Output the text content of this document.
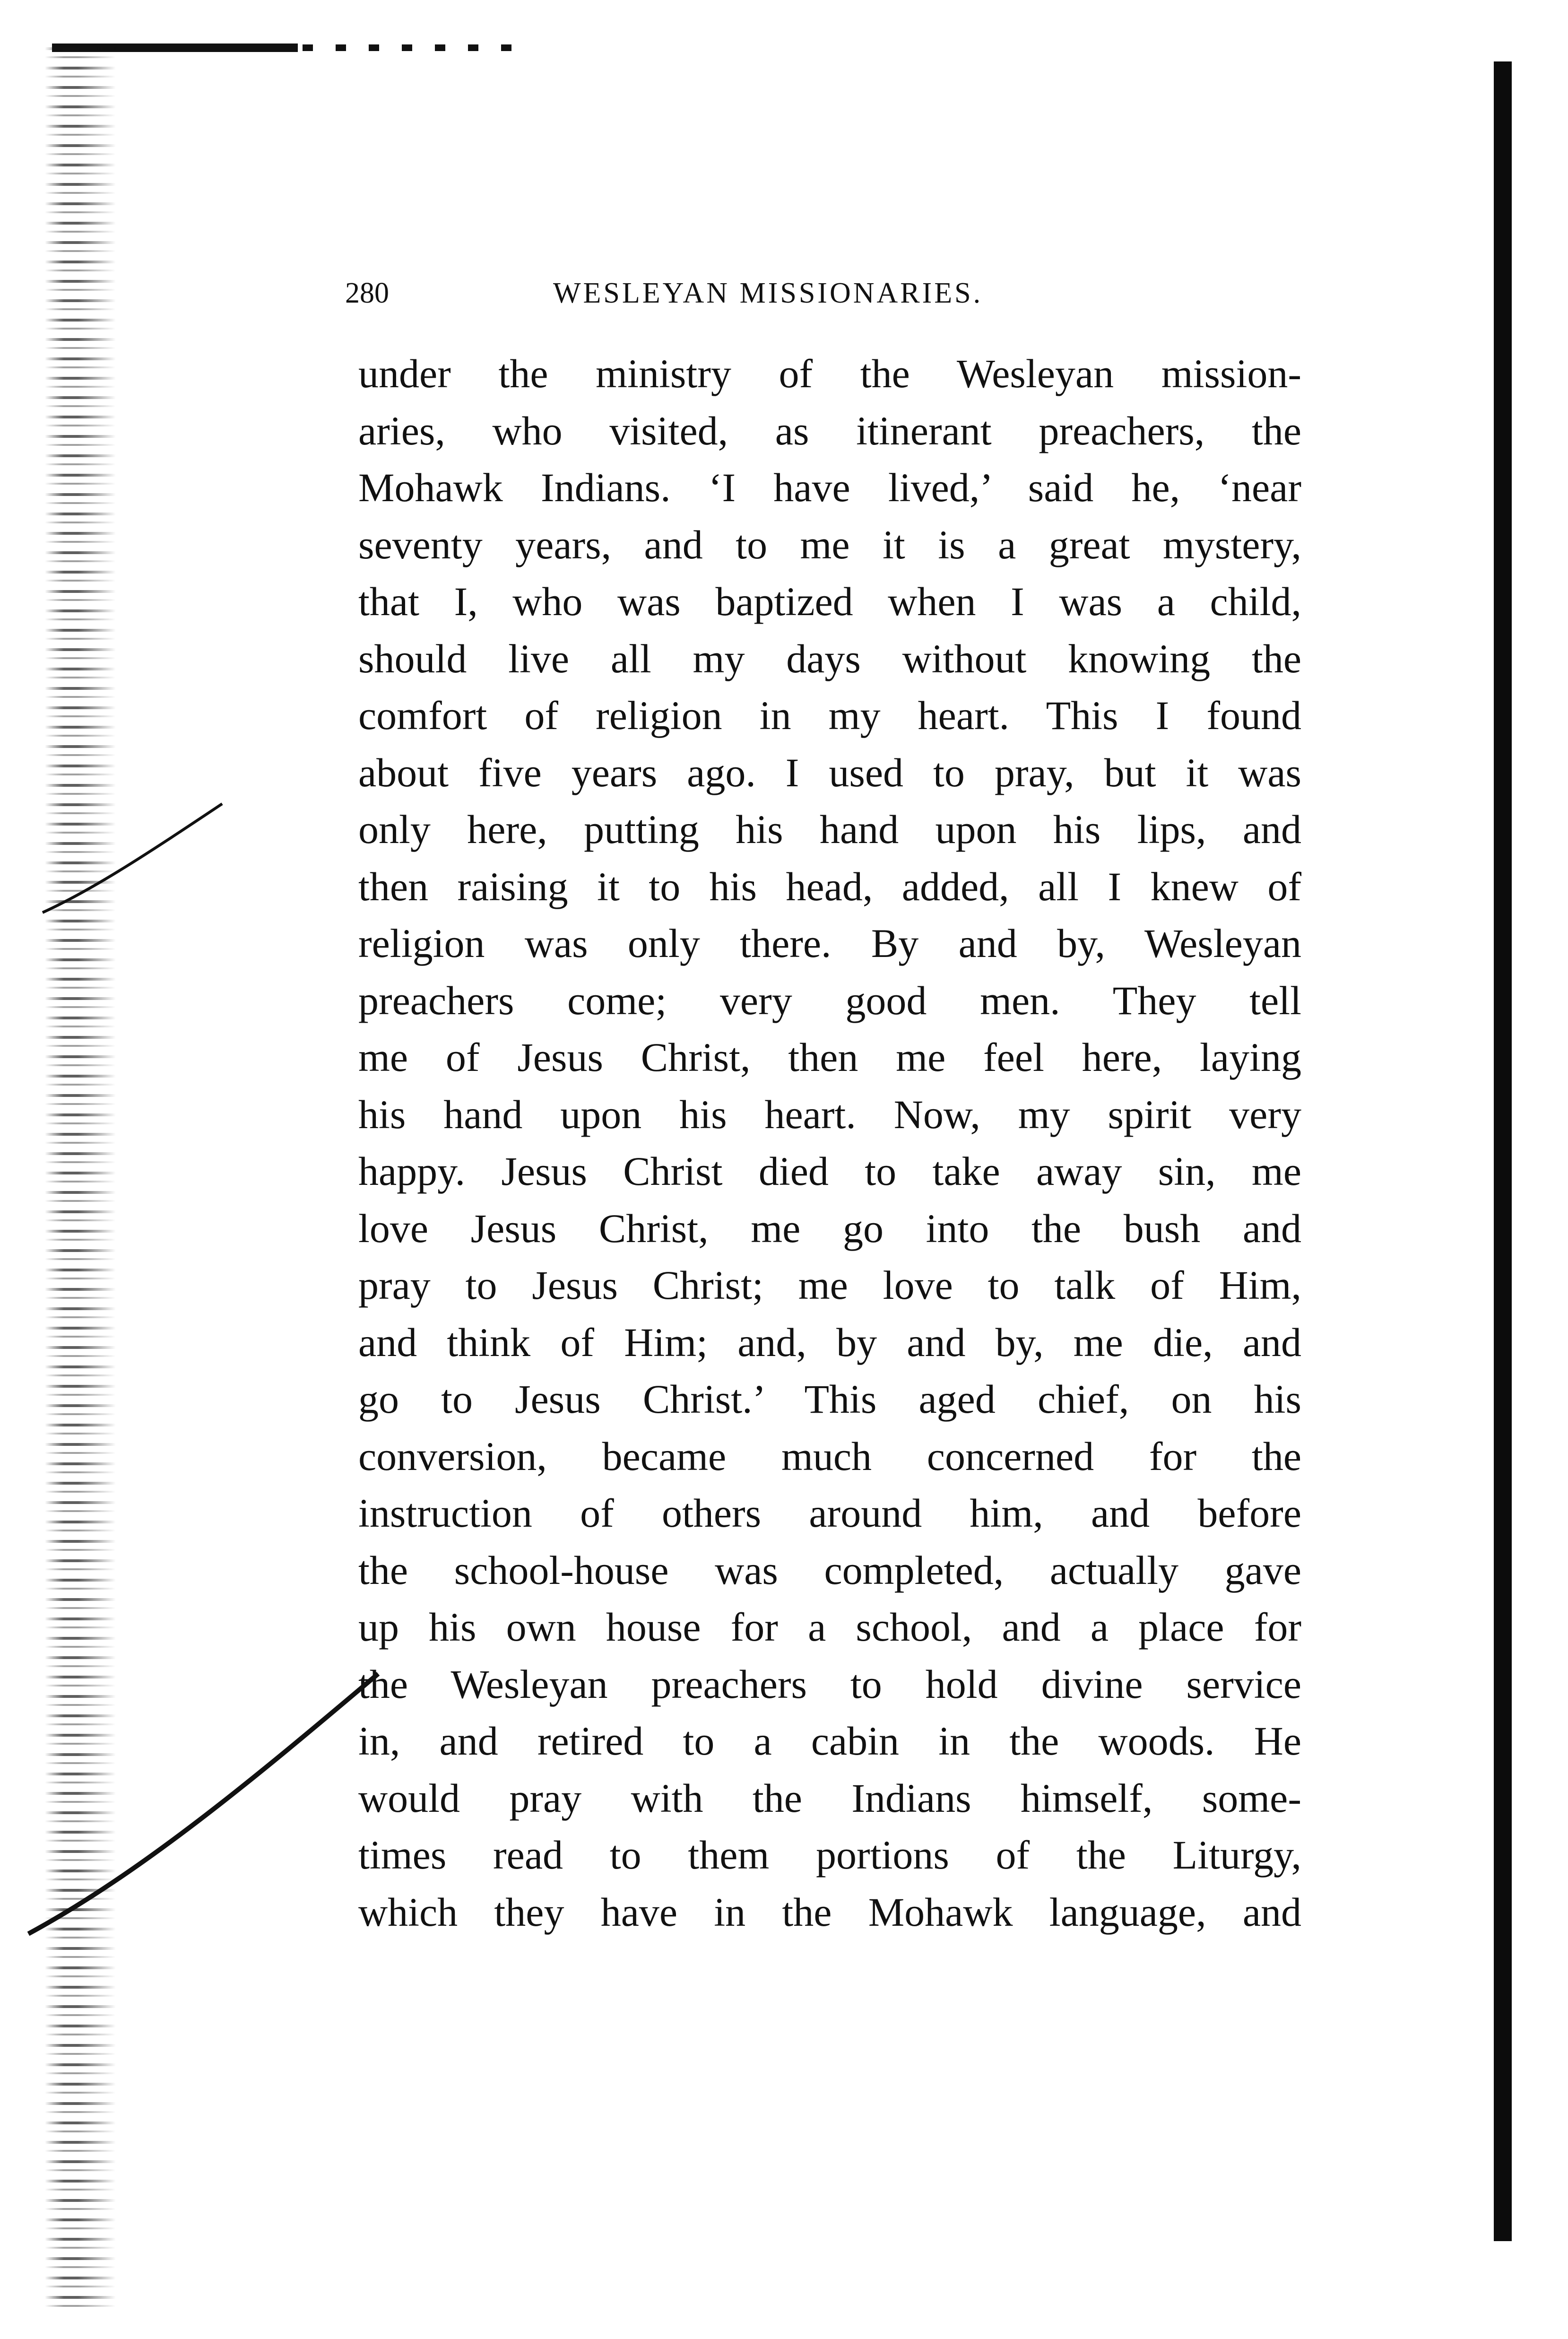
280	WESLEYAN MISSIONARIES.
under the ministry of the Wesleyan mission-
aries, who visited, as itinerant preachers, the
Mohawk Indians. ‘I have lived,’ said he, ‘near
seventy years, and to me it is a great mystery,
that I, who was baptized when I was a child,
should live all my days without knowing the
comfort of religion in my heart. This I found
about five years ago. I used to pray, but it was
only here, putting his hand upon his lips, and
then raising it to his head, added, all I knew of
religion was only there. By and by, Wesleyan
preachers come; very good men. They tell
me of Jesus Christ, then me feel here, laying
his hand upon his heart. Now, my spirit very
happy. Jesus Christ died to take away sin, me
love Jesus Christ, me go into the bush and
pray to Jesus Christ; me love to talk of Him,
and think of Him; and, by and by, me die, and
go to Jesus Christ.’ This aged chief, on his
conversion, became much concerned for the
instruction of others around him, and before
the school-house was completed, actually gave
up his own house for a school, and a place for
the Wesleyan preachers to hold divine service
in, and retired to a cabin in the woods. He
would pray with the Indians himself, some-
times read to them portions of the Liturgy,
which they have in the Mohawk language, and
